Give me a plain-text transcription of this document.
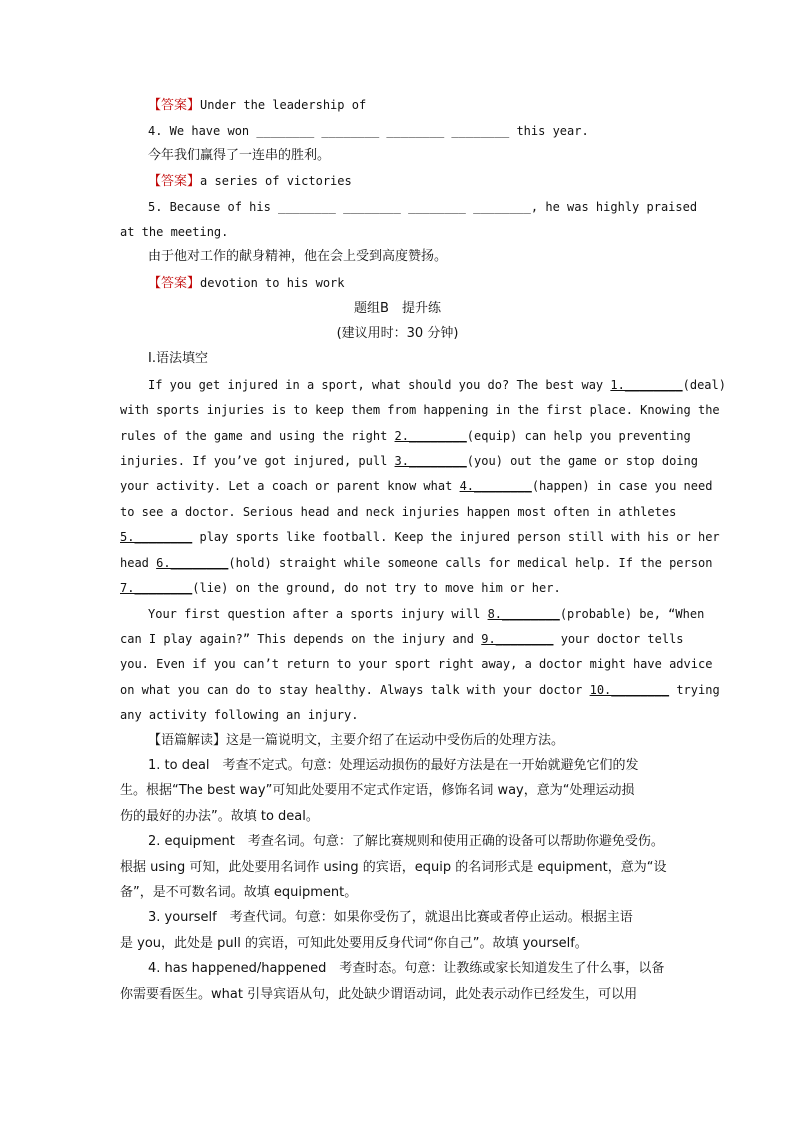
【答案】Under the leadership of
4. We have won ________ ________ ________ ________ this year.
今年我们赢得了一连串的胜利。
【答案】a series of victories
5. Because of his ________ ________ ________ ________, he was highly praised
at the meeting.
由于他对工作的献身精神，他在会上受到高度赞扬。
【答案】devotion to his work
题组B　提升练
(建议用时：30 分钟)
Ⅰ.语法填空
If you get injured in a sport, what should you do? The best way 1.________(deal)
with sports injuries is to keep them from happening in the first place. Knowing the
rules of the game and using the right 2.________(equip) can help you preventing
injuries. If you’ve got injured, pull 3.________(you) out the game or stop doing
your activity. Let a coach or parent know what 4.________(happen) in case you need
to see a doctor. Serious head and neck injuries happen most often in athletes
5.________ play sports like football. Keep the injured person still with his or her
head 6.________(hold) straight while someone calls for medical help. If the person
7.________(lie) on the ground, do not try to move him or her.
Your first question after a sports injury will 8.________(probable) be, “When
can I play again?” This depends on the injury and 9.________ your doctor tells
you. Even if you can’t return to your sport right away, a doctor might have advice
on what you can do to stay healthy. Always talk with your doctor 10.________ trying
any activity following an injury.
【语篇解读】这是一篇说明文，主要介绍了在运动中受伤后的处理方法。
1. to deal　考查不定式。句意：处理运动损伤的最好方法是在一开始就避免它们的发
生。根据“The best way”可知此处要用不定式作定语，修饰名词 way，意为“处理运动损
伤的最好的办法”。故填 to deal。
2. equipment　考查名词。句意：了解比赛规则和使用正确的设备可以帮助你避免受伤。
根据 using 可知，此处要用名词作 using 的宾语，equip 的名词形式是 equipment，意为“设
备”，是不可数名词。故填 equipment。
3. yourself　考查代词。句意：如果你受伤了，就退出比赛或者停止运动。根据主语
是 you，此处是 pull 的宾语，可知此处要用反身代词“你自己”。故填 yourself。
4. has happened/happened　考查时态。句意：让教练或家长知道发生了什么事，以备
你需要看医生。what 引导宾语从句，此处缺少谓语动词，此处表示动作已经发生，可以用
